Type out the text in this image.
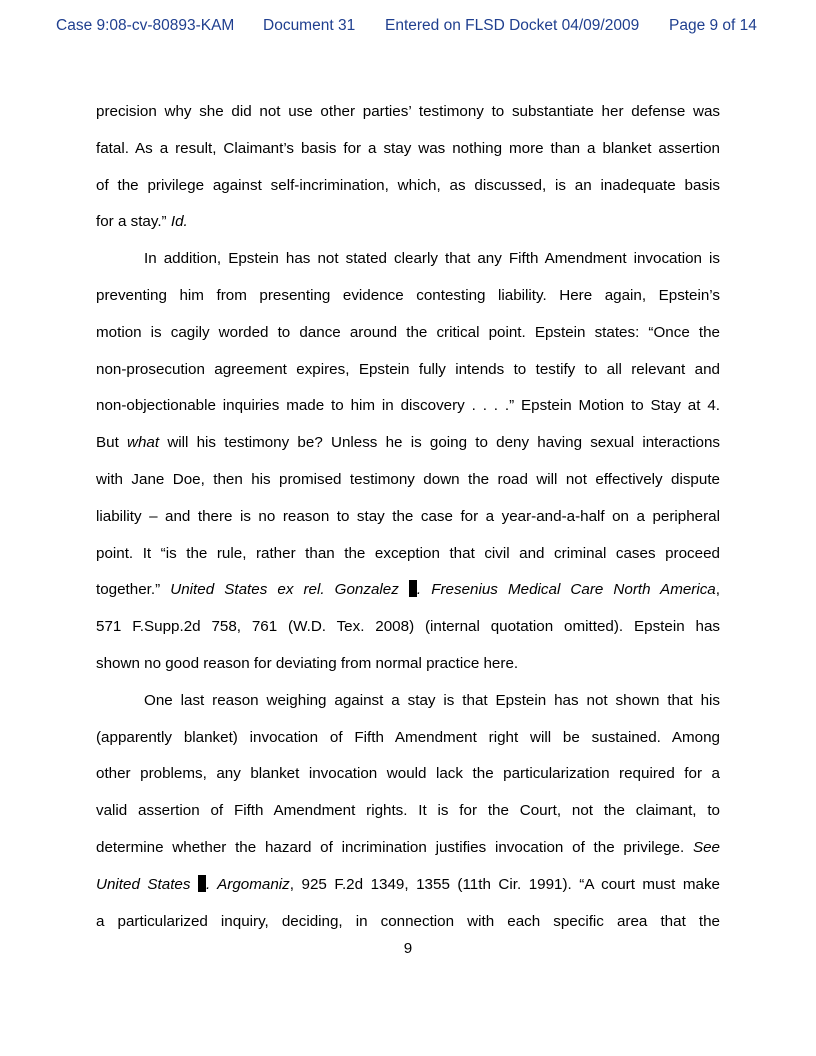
Case 9:08-cv-80893-KAM Document 31 Entered on FLSD Docket 04/09/2009 Page 9 of 14
precision why she did not use other parties’ testimony to substantiate her defense was
fatal. As a result, Claimant’s basis for a stay was nothing more than a blanket assertion
of the privilege against self-incrimination, which, as discussed, is an inadequate basis
for a stay.” Id.
In addition, Epstein has not stated clearly that any Fifth Amendment invocation is
preventing him from presenting evidence contesting liability. Here again, Epstein’s
motion is cagily worded to dance around the critical point. Epstein states: “Once the
non-prosecution agreement expires, Epstein fully intends to testify to all relevant and
non-objectionable inquiries made to him in discovery . . . .” Epstein Motion to Stay at 4.
But what will his testimony be? Unless he is going to deny having sexual interactions
with Jane Doe, then his promised testimony down the road will not effectively dispute
liability – and there is no reason to stay the case for a year-and-a-half on a peripheral
point. It “is the rule, rather than the exception that civil and criminal cases proceed
together.” United States ex rel. Gonzalez . Fresenius Medical Care North America,
571 F.Supp.2d 758, 761 (W.D. Tex. 2008) (internal quotation omitted). Epstein has
shown no good reason for deviating from normal practice here.
One last reason weighing against a stay is that Epstein has not shown that his
(apparently blanket) invocation of Fifth Amendment right will be sustained. Among
other problems, any blanket invocation would lack the particularization required for a
valid assertion of Fifth Amendment rights. It is for the Court, not the claimant, to
determine whether the hazard of incrimination justifies invocation of the privilege. See
United States . Argomaniz, 925 F.2d 1349, 1355 (11th Cir. 1991). “A court must make
a particularized inquiry, deciding, in connection with each specific area that the
9
